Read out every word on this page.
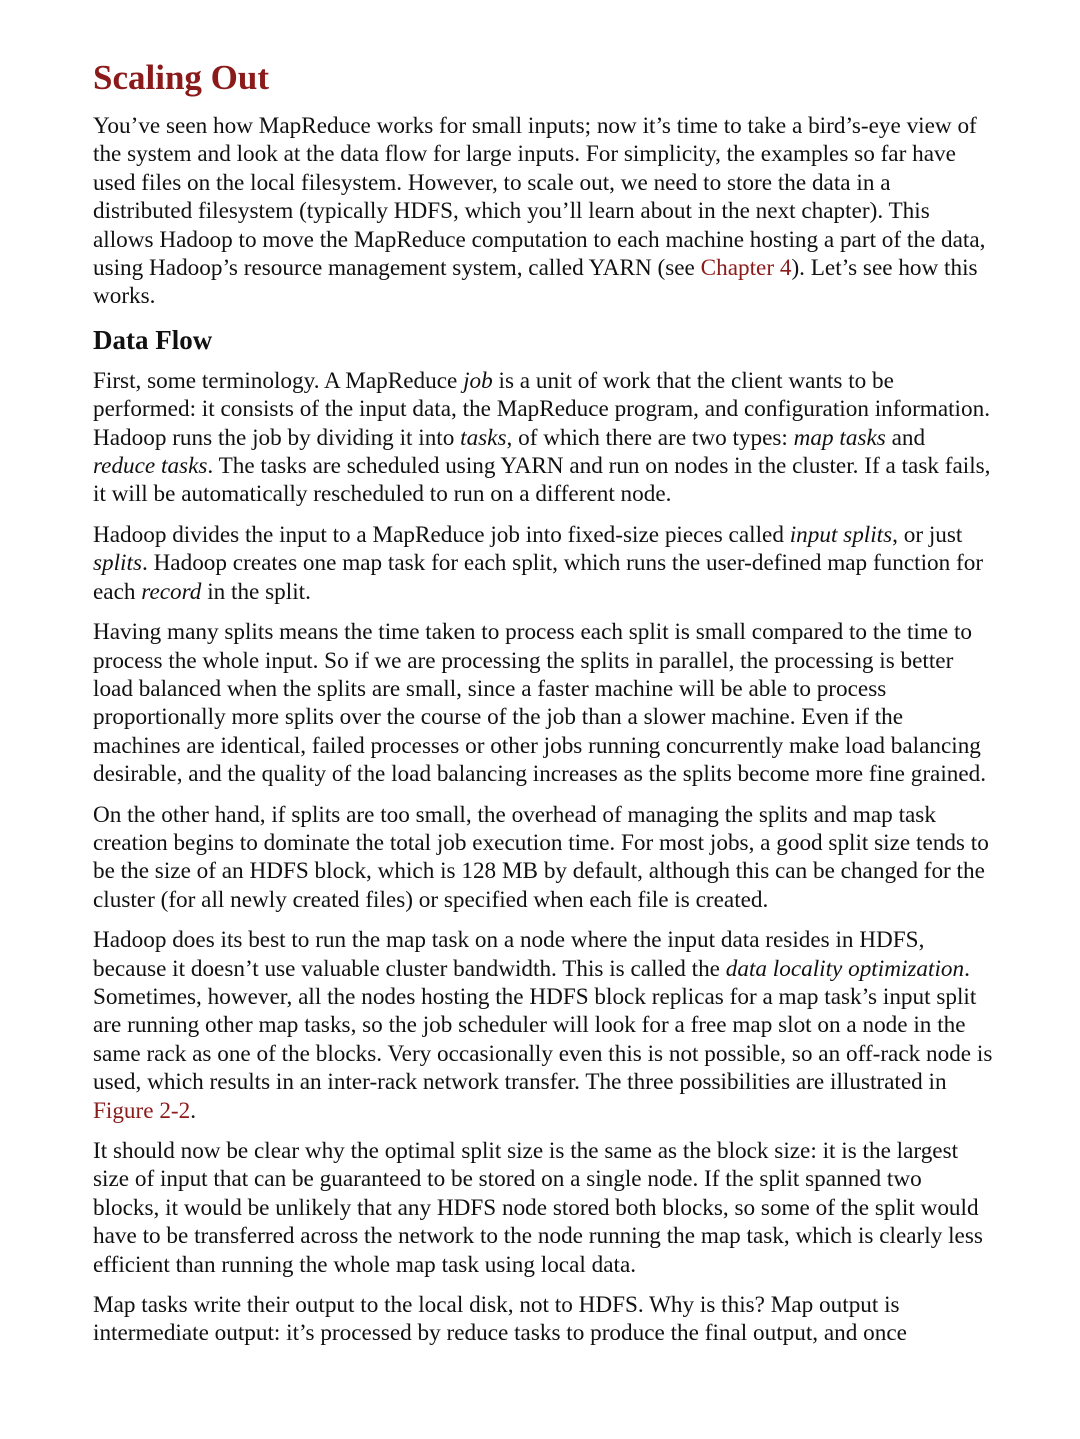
Scaling Out

You’ve seen how MapReduce works for small inputs; now it’s time to take a bird’s-eye view of the system and look at the data flow for large inputs. For simplicity, the examples so far have used files on the local filesystem. However, to scale out, we need to store the data in a distributed filesystem (typically HDFS, which you’ll learn about in the next chapter). This allows Hadoop to move the MapReduce computation to each machine hosting a part of the data, using Hadoop’s resource management system, called YARN (see Chapter 4). Let’s see how this works.

Data Flow

First, some terminology. A MapReduce job is a unit of work that the client wants to be performed: it consists of the input data, the MapReduce program, and configuration information. Hadoop runs the job by dividing it into tasks, of which there are two types: map tasks and reduce tasks. The tasks are scheduled using YARN and run on nodes in the cluster. If a task fails, it will be automatically rescheduled to run on a different node.

Hadoop divides the input to a MapReduce job into fixed-size pieces called input splits, or just splits. Hadoop creates one map task for each split, which runs the user-defined map function for each record in the split.

Having many splits means the time taken to process each split is small compared to the time to process the whole input. So if we are processing the splits in parallel, the processing is better load balanced when the splits are small, since a faster machine will be able to process proportionally more splits over the course of the job than a slower machine. Even if the machines are identical, failed processes or other jobs running concurrently make load balancing desirable, and the quality of the load balancing increases as the splits become more fine grained.

On the other hand, if splits are too small, the overhead of managing the splits and map task creation begins to dominate the total job execution time. For most jobs, a good split size tends to be the size of an HDFS block, which is 128 MB by default, although this can be changed for the cluster (for all newly created files) or specified when each file is created.

Hadoop does its best to run the map task on a node where the input data resides in HDFS, because it doesn’t use valuable cluster bandwidth. This is called the data locality optimization. Sometimes, however, all the nodes hosting the HDFS block replicas for a map task’s input split are running other map tasks, so the job scheduler will look for a free map slot on a node in the same rack as one of the blocks. Very occasionally even this is not possible, so an off-rack node is used, which results in an inter-rack network transfer. The three possibilities are illustrated in Figure 2-2.

It should now be clear why the optimal split size is the same as the block size: it is the largest size of input that can be guaranteed to be stored on a single node. If the split spanned two blocks, it would be unlikely that any HDFS node stored both blocks, so some of the split would have to be transferred across the network to the node running the map task, which is clearly less efficient than running the whole map task using local data.

Map tasks write their output to the local disk, not to HDFS. Why is this? Map output is intermediate output: it’s processed by reduce tasks to produce the final output, and once
